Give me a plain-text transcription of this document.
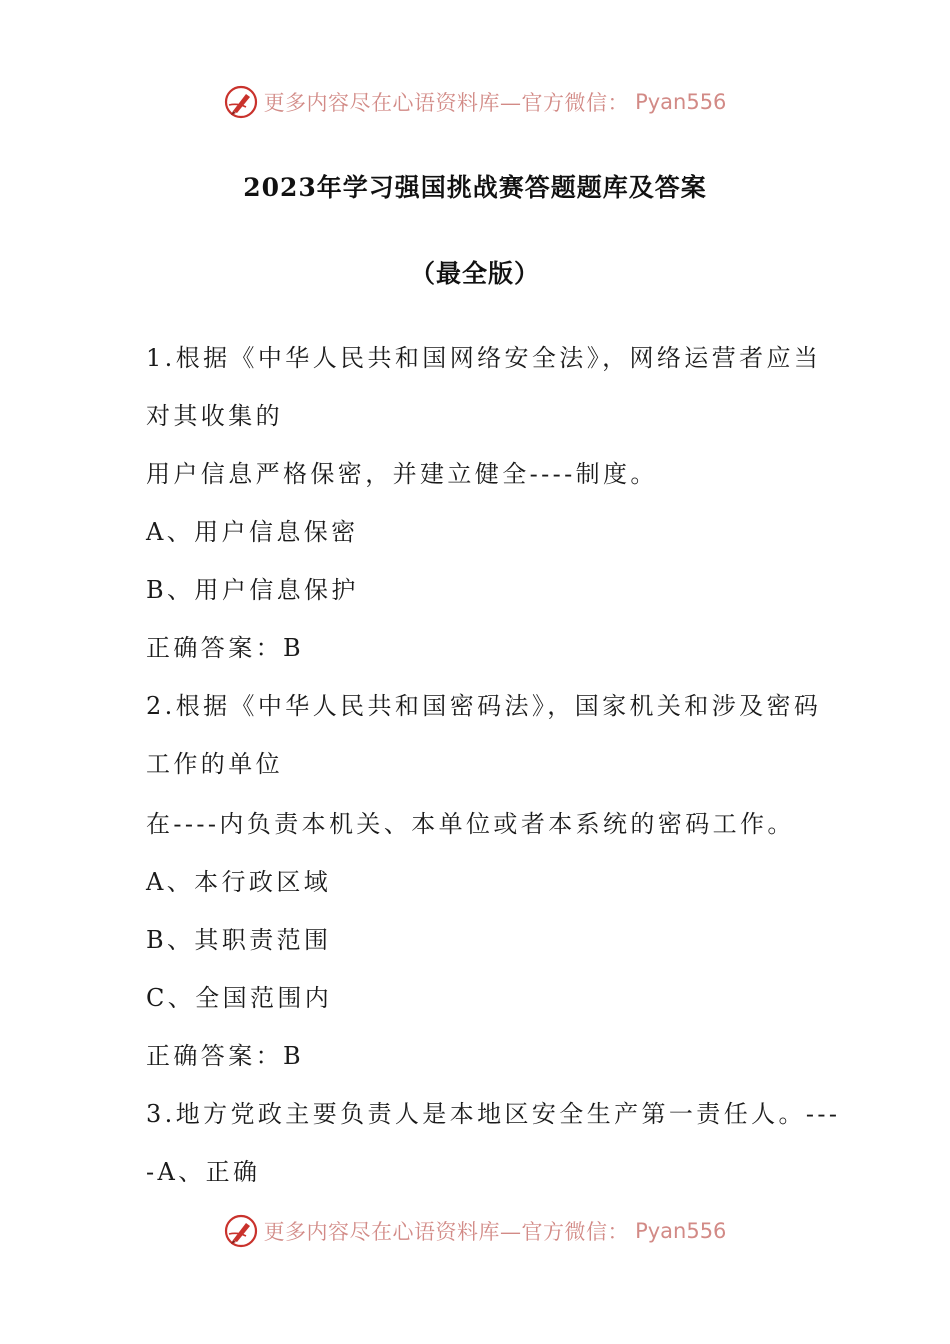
更多内容尽在心语资料库—官方微信： Pyan556
2023年学习强国挑战赛答题题库及答案
（最全版）
1.根据《中华人民共和国网络安全法》，网络运营者应当
对其收集的
用户信息严格保密，并建立健全----制度。
A、用户信息保密
B、用户信息保护
正确答案：B
2.根据《中华人民共和国密码法》，国家机关和涉及密码
工作的单位
在----内负责本机关、本单位或者本系统的密码工作。
A、本行政区域
B、其职责范围
C、全国范围内
正确答案：B
3.地方党政主要负责人是本地区安全生产第一责任人。---
-A、正确
更多内容尽在心语资料库—官方微信： Pyan556
